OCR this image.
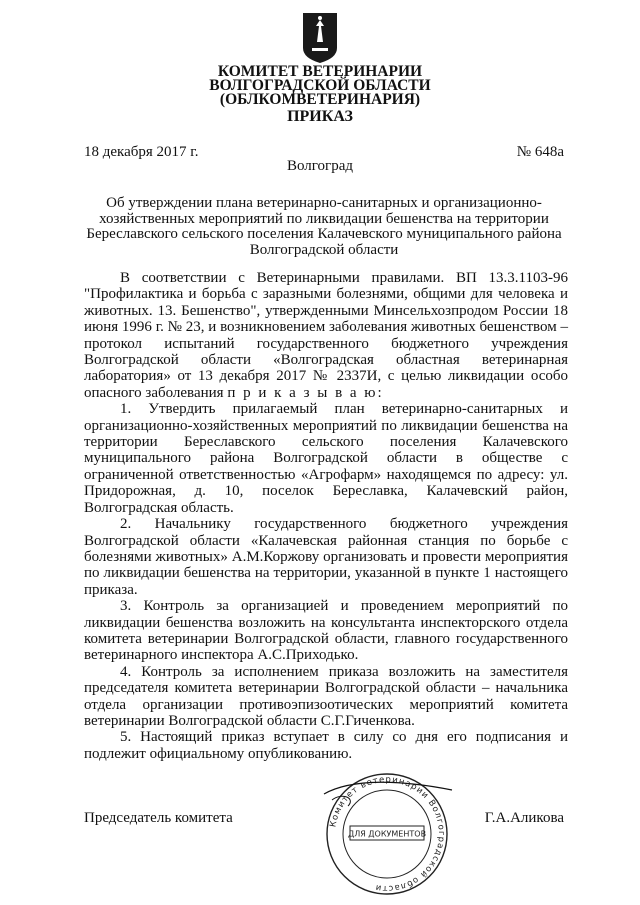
КОМИТЕТ ВЕТЕРИНАРИИ
ВОЛГОГРАДСКОЙ ОБЛАСТИ
(ОБЛКОМВЕТЕРИНАРИЯ)
ПРИКАЗ
18 декабря 2017 г.	№ 648а
Волгоград
Об утверждении плана ветеринарно-санитарных и организационно-хозяйственных мероприятий по ликвидации бешенства на территории Береславского сельского поселения Калачевского муниципального района Волгоградской области

В соответствии с Ветеринарными правилами. ВП 13.3.1103-96 "Профилактика и борьба с заразными болезнями, общими для человека и животных. 13. Бешенство", утвержденными Минсельхозпродом России 18 июня 1996 г. № 23, и возникновением заболевания животных бешенством – протокол испытаний государственного бюджетного учреждения Волгоградской области «Волгоградская областная ветеринарная лаборатория» от 13 декабря 2017 № 2337И, с целью ликвидации особо опасного заболевания п р и к а з ы в а ю:

1. Утвердить прилагаемый план ветеринарно-санитарных и организационно-хозяйственных мероприятий по ликвидации бешенства на территории Береславского сельского поселения Калачевского муниципального района Волгоградской области в обществе с ограниченной ответственностью «Агрофарм» находящемся по адресу: ул. Придорожная, д. 10, поселок Береславка, Калачевский район, Волгоградская область.

2. Начальнику государственного бюджетного учреждения Волгоградской области «Калачевская районная станция по борьбе с болезнями животных» А.М.Коржову организовать и провести мероприятия по ликвидации бешенства на территории, указанной в пункте 1 настоящего приказа.

3. Контроль за организацией и проведением мероприятий по ликвидации бешенства возложить на консультанта инспекторского отдела комитета ветеринарии Волгоградской области, главного государственного ветеринарного инспектора А.С.Приходько.

4. Контроль за исполнением приказа возложить на заместителя председателя комитета ветеринарии Волгоградской области – начальника отдела организации противоэпизоотических мероприятий комитета ветеринарии Волгоградской области С.Г.Гиченкова.

5. Настоящий приказ вступает в силу со дня его подписания и подлежит официальному опубликованию.

Председатель комитета	Г.А.Аликова
Комитет ветеринарии Волгоградской области
ДЛЯ ДОКУМЕНТОВ
